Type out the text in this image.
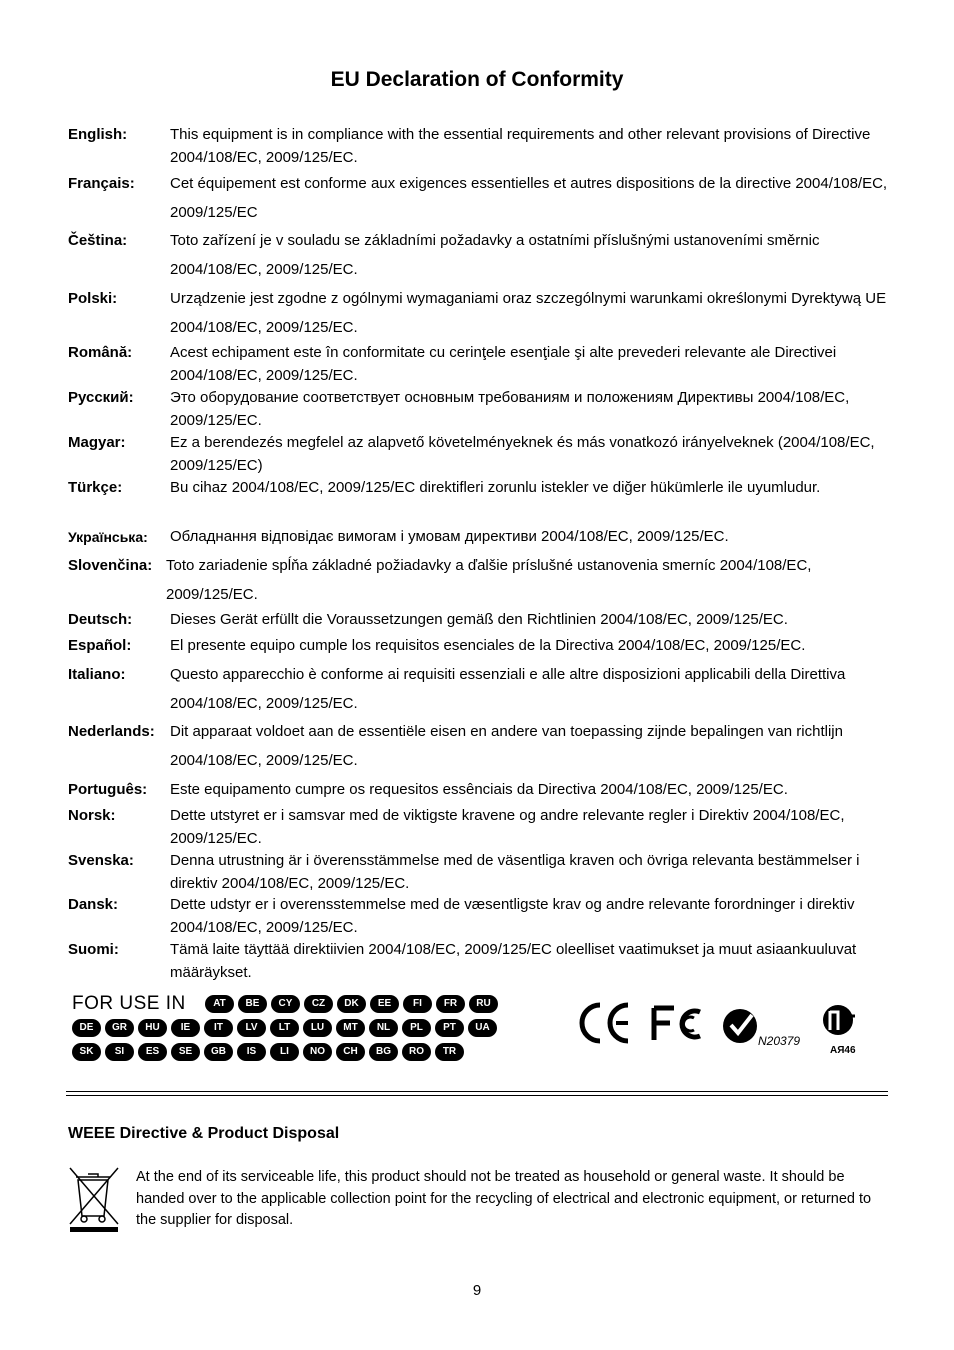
EU Declaration of Conformity
English:	This equipment is in compliance with the essential requirements and other relevant provisions of Directive 2004/108/EC, 2009/125/EC.
Français: Cet équipement est conforme aux exigences essentielles et autres dispositions de la directive 2004/108/EC, 2009/125/EC
Čeština:	Toto zařízení je v souladu se základními požadavky a ostatními příslušnými ustanoveními směrnic 2004/108/EC, 2009/125/EC.
Polski:	Urządzenie jest zgodne z ogólnymi wymaganiami oraz szczególnymi warunkami określonymi Dyrektywą UE 2004/108/EC, 2009/125/EC.
Română:	Acest echipament este în conformitate cu cerinţele esenţiale şi alte prevederi relevante ale Directivei 2004/108/EC, 2009/125/EC.
Русский: Это оборудование соответствует основным требованиям и положениям Директивы 2004/108/EC, 2009/125/EC.
Magyar:	Ez a berendezés megfelel az alapvető követelményeknek és más vonatkozó irányelveknek (2004/108/EC, 2009/125/EC)
Türkçe:	Bu cihaz 2004/108/EC, 2009/125/EC direktifleri zorunlu istekler ve diğer hükümlerle ile uyumludur.
Українська: Обладнання відповідає вимогам і умовам директиви 2004/108/EC, 2009/125/EC.
Slovenčina: Toto zariadenie spĺňa základné požiadavky a ďalšie príslušné ustanovenia smerníc 2004/108/EC, 2009/125/EC.
Deutsch:	Dieses Gerät erfüllt die Voraussetzungen gemäß den Richtlinien 2004/108/EC, 2009/125/EC.
Español:	El presente equipo cumple los requisitos esenciales de la Directiva 2004/108/EC, 2009/125/EC.
Italiano:	Questo apparecchio è conforme ai requisiti essenziali e alle altre disposizioni applicabili della Direttiva 2004/108/EC, 2009/125/EC.
Nederlands: Dit apparaat voldoet aan de essentiële eisen en andere van toepassing zijnde bepalingen van richtlijn 2004/108/EC, 2009/125/EC.
Português: Este equipamento cumpre os requesitos essênciais da Directiva 2004/108/EC, 2009/125/EC.
Norsk:	Dette utstyret er i samsvar med de viktigste kravene og andre relevante regler i Direktiv 2004/108/EC, 2009/125/EC.
Svenska: Denna utrustning är i överensstämmelse med de väsentliga kraven och övriga relevanta bestämmelser i direktiv 2004/108/EC, 2009/125/EC.
Dansk:	Dette udstyr er i overensstemmelse med de væsentligste krav og andre relevante forordninger i direktiv 2004/108/EC, 2009/125/EC.
Suomi:	Tämä laite täyttää direktiivien 2004/108/EC, 2009/125/EC oleelliset vaatimukset ja muut asiaankuuluvat määräykset.
FOR USE IN	AT	BE	CY	CZ	DK	EE	FI	FR	RU
DE	GR	HU	IE	IT	LV	LT	LU	MT	NL	PL	PT	UA
SK	SI	ES	SE	GB	IS	LI	NO	CH	BG	RO	TR
N20379
АЯ46
WEEE Directive & Product Disposal
At the end of its serviceable life, this product should not be treated as household or general waste. It should be handed over to the applicable collection point for the recycling of electrical and electronic equipment, or returned to the supplier for disposal.
9
